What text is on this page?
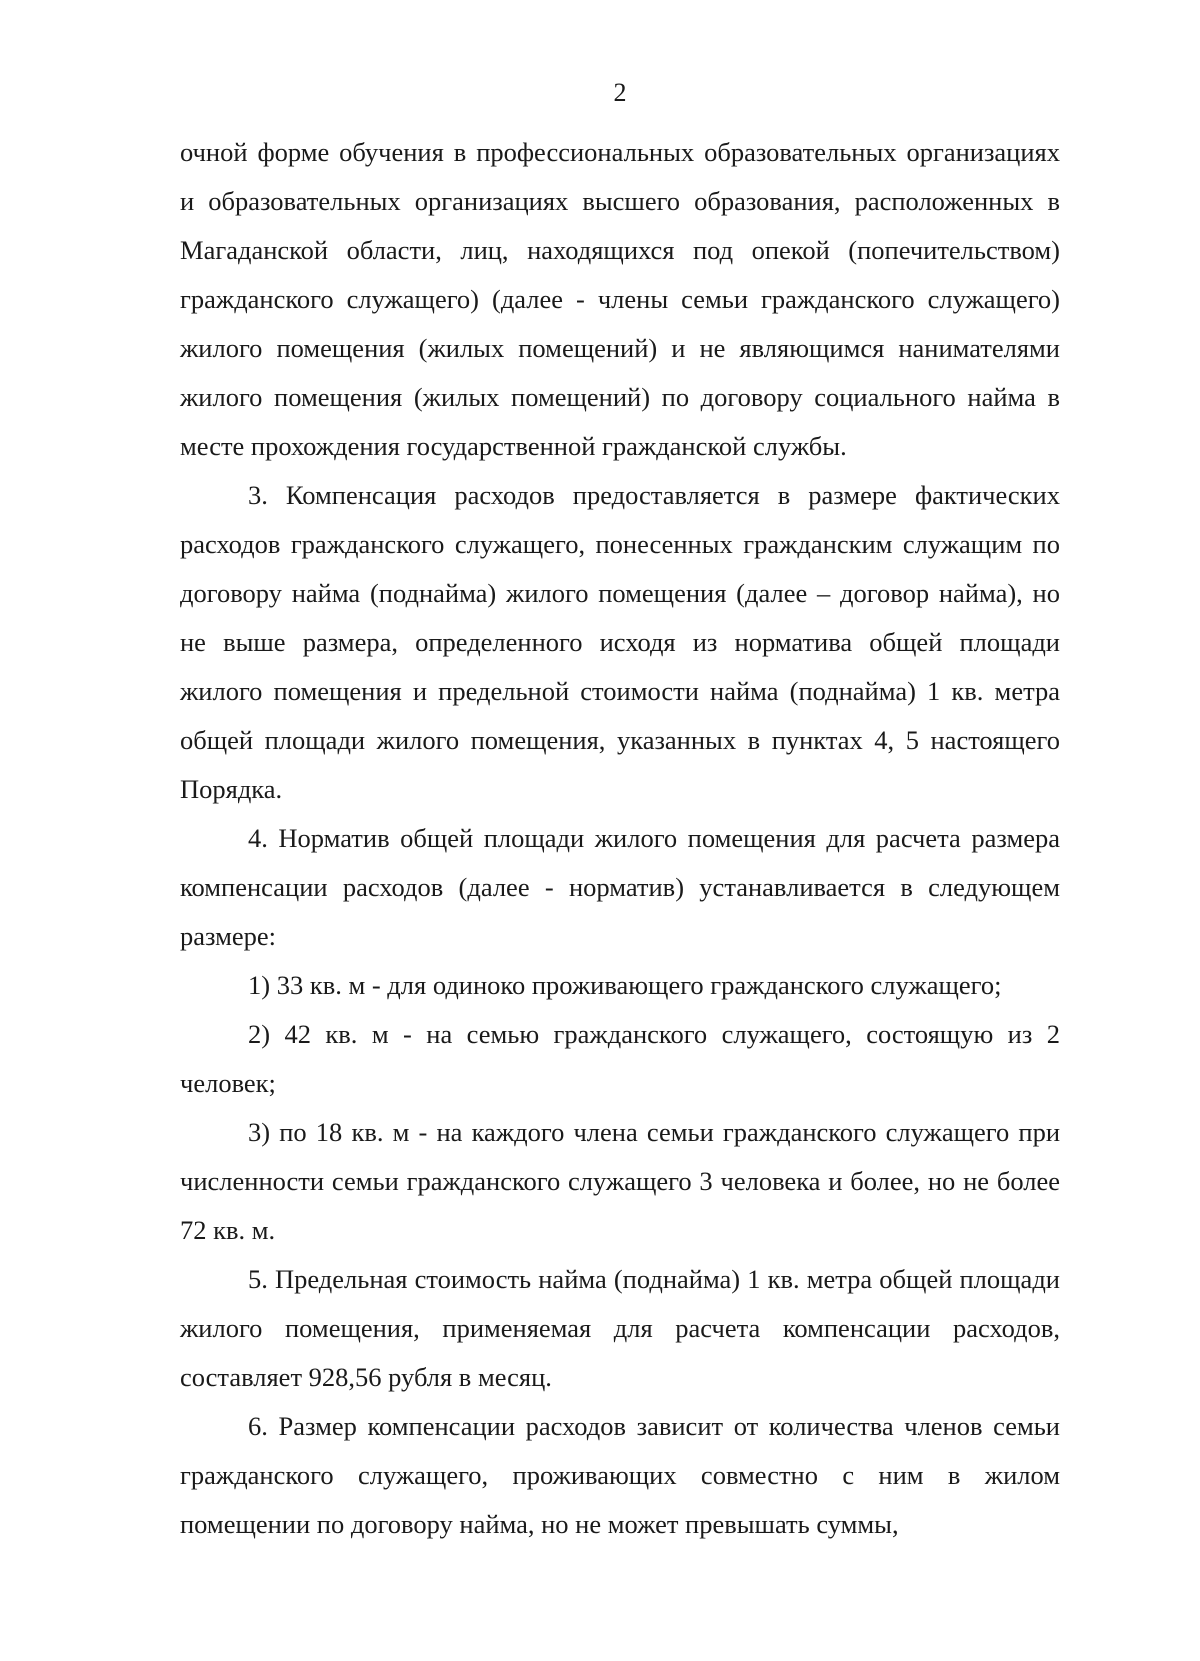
2

очной форме обучения в профессиональных образовательных организациях и образовательных организациях высшего образования, расположенных в Магаданской области, лиц, находящихся под опекой (попечительством) гражданского служащего) (далее - члены семьи гражданского служащего) жилого помещения (жилых помещений) и не являющимся нанимателями жилого помещения (жилых помещений) по договору социального найма в месте прохождения государственной гражданской службы.

3. Компенсация расходов предоставляется в размере фактических расходов гражданского служащего, понесенных гражданским служащим по договору найма (поднайма) жилого помещения (далее – договор найма), но не выше размера, определенного исходя из норматива общей площади жилого помещения и предельной стоимости найма (поднайма) 1 кв. метра общей площади жилого помещения, указанных в пунктах 4, 5 настоящего Порядка.

4. Норматив общей площади жилого помещения для расчета размера компенсации расходов (далее - норматив) устанавливается в следующем размере:

1) 33 кв. м - для одиноко проживающего гражданского служащего;

2) 42 кв. м - на семью гражданского служащего, состоящую из 2 человек;

3) по 18 кв. м - на каждого члена семьи гражданского служащего при численности семьи гражданского служащего 3 человека и более, но не более 72 кв. м.

5. Предельная стоимость найма (поднайма) 1 кв. метра общей площади жилого помещения, применяемая для расчета компенсации расходов, составляет 928,56 рубля в месяц.

6. Размер компенсации расходов зависит от количества членов семьи гражданского служащего, проживающих совместно с ним в жилом помещении по договору найма, но не может превышать суммы,
